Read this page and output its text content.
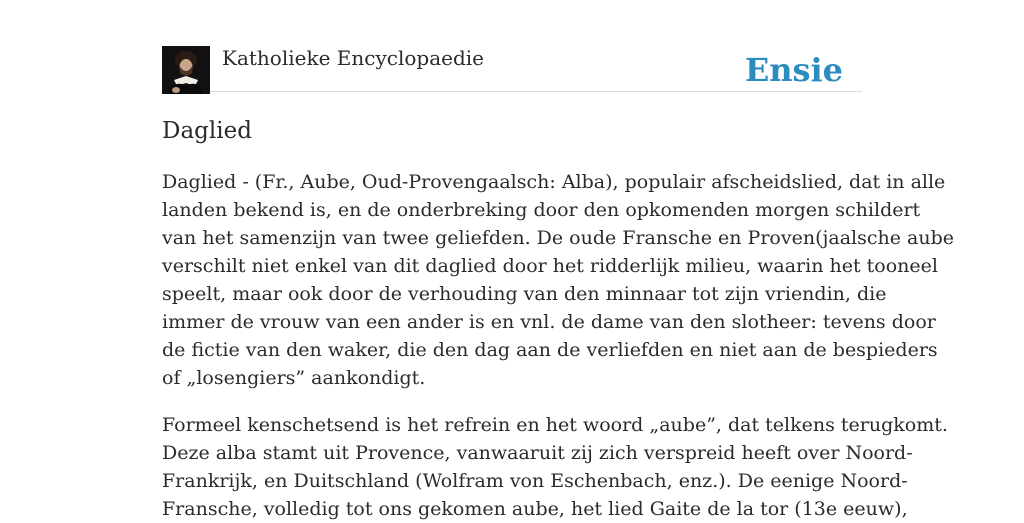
Katholieke Encyclopaedie	Ensie
Daglied

Daglied - (Fr., Aube, Oud-Provengaalsch: Alba), populair afscheidslied, dat in alle
landen bekend is, en de onderbreking door den opkomenden morgen schildert
van het samenzijn van twee geliefden. De oude Fransche en Proven(jaalsche aube
verschilt niet enkel van dit daglied door het ridderlijk milieu, waarin het tooneel
speelt, maar ook door de verhouding van den minnaar tot zijn vriendin, die
immer de vrouw van een ander is en vnl. de dame van den slotheer: tevens door
de fictie van den waker, die den dag aan de verliefden en niet aan de bespieders
of „losengiers” aankondigt.

Formeel kenschetsend is het refrein en het woord „aube”, dat telkens terugkomt.
Deze alba stamt uit Provence, vanwaaruit zij zich verspreid heeft over Noord-
Frankrijk, en Duitschland (Wolfram von Eschenbach, enz.). De eenige Noord-
Fransche, volledig tot ons gekomen aube, het lied Gaite de la tor (13e eeuw),
